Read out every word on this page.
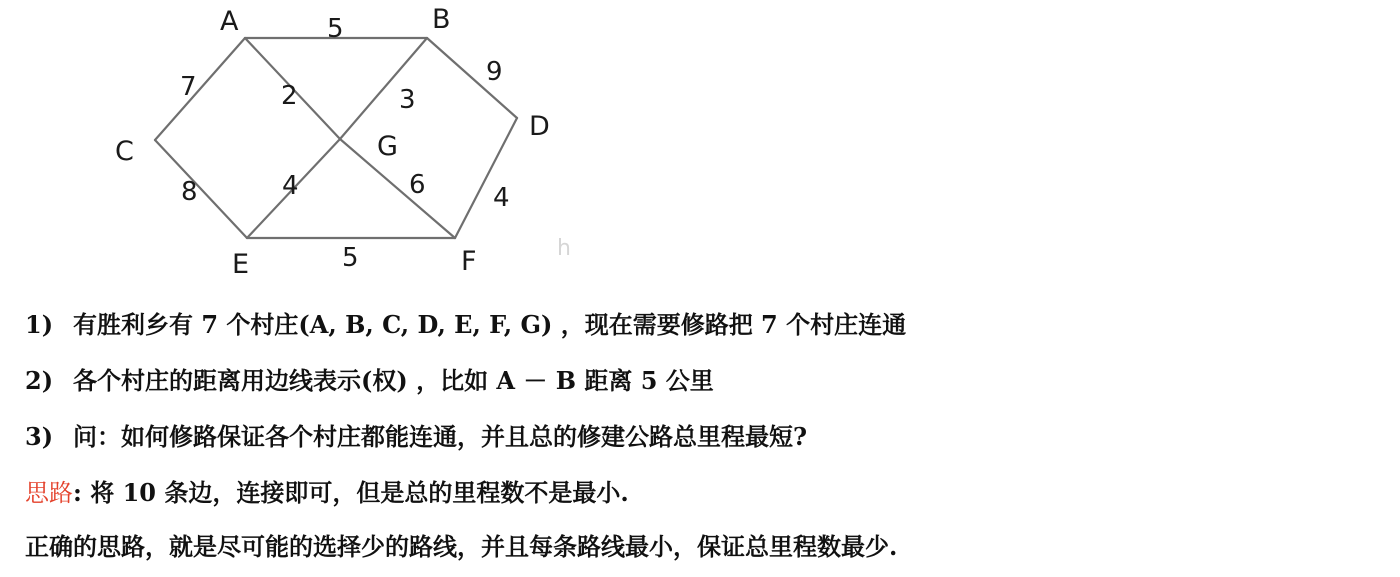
5
7	2	3
9
8	4	6	4
5
A	B
C
D
E	F
G
h
1) 有胜利乡有 7 个村庄(A, B, C, D, E, F, G) ，现在需要修路把 7 个村庄连通
2) 各个村庄的距离用边线表示(权) ，比如 A － B 距离 5 公里
3) 问：如何修路保证各个村庄都能连通，并且总的修建公路总里程最短?
思路: 将 10 条边，连接即可，但是总的里程数不是最小.
正确的思路，就是尽可能的选择少的路线，并且每条路线最小，保证总里程数最少.
